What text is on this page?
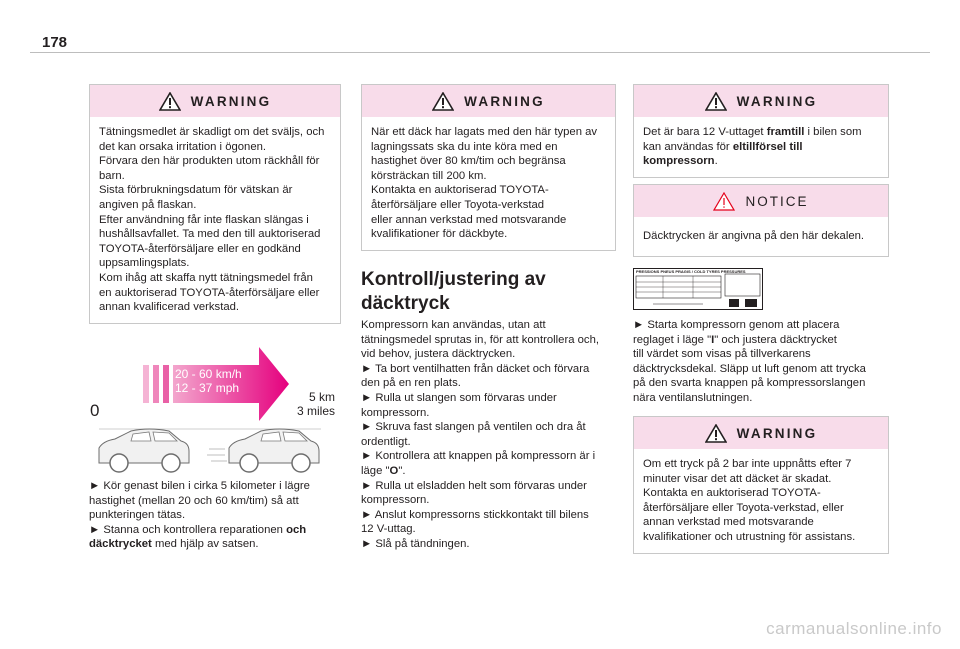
178
WARNING

Tätningsmedlet är skadligt om det sväljs, och

det kan orsaka irritation i ögonen.

Förvara den här produkten utom räckhåll för

barn.

Sista förbrukningsdatum för vätskan är

angiven på flaskan.

Efter användning får inte flaskan slängas i

hushållsavfallet. Ta med den till auktoriserad

TOYOTA-återförsäljare eller en godkänd

uppsamlingsplats.

Kom ihåg att skaffa nytt tätningsmedel från

en auktoriserad TOYOTA-återförsäljare eller

annan kvalificerad verkstad.

20 - 60 km/h
12 - 37 mph
0
5 km
3 miles

► Kör genast bilen i cirka 5 kilometer i lägre

hastighet (mellan 20 och 60 km/tim) så att

punkteringen tätas.

► Stanna och kontrollera reparationen och

däcktrycket med hjälp av satsen.

WARNING

När ett däck har lagats med den här typen av

lagningssats ska du inte köra med en

hastighet över 80 km/tim och begränsa

körsträckan till 200 km.

Kontakta en auktoriserad TOYOTA-

återförsäljare eller Toyota-verkstad

eller annan verkstad med motsvarande

kvalifikationer för däckbyte.

Kontroll/justering av
däcktryck

Kompressorn kan användas, utan att

tätningsmedel sprutas in, för att kontrollera och,

vid behov, justera däcktrycken.

► Ta bort ventilhatten från däcket och förvara

den på en ren plats.

► Rulla ut slangen som förvaras under

kompressorn.

► Skruva fast slangen på ventilen och dra åt

ordentligt.

► Kontrollera att knappen på kompressorn är i

läge "O".

► Rulla ut elsladden helt som förvaras under

kompressorn.

► Anslut kompressorns stickkontakt till bilens

12 V-uttag.

► Slå på tändningen.

WARNING

Det är bara 12 V-uttaget framtill i bilen som

kan användas för eltillförsel till

kompressorn.

NOTICE
Däcktrycken är angivna på den här dekalen.
PRESSIONS PNEUS PRAGIS / COLD TYRES PRESSURES

► Starta kompressorn genom att placera

reglaget i läge "I" och justera däcktrycket

till värdet som visas på tillverkarens

däcktrycksdekal. Släpp ut luft genom att trycka

på den svarta knappen på kompressorslangen

nära ventilanslutningen.

WARNING

Om ett tryck på 2 bar inte uppnåtts efter 7

minuter visar det att däcket är skadat.

Kontakta en auktoriserad TOYOTA-

återförsäljare eller Toyota-verkstad, eller

annan verkstad med motsvarande

kvalifikationer och utrustning för assistans.

carmanualsonline.info
